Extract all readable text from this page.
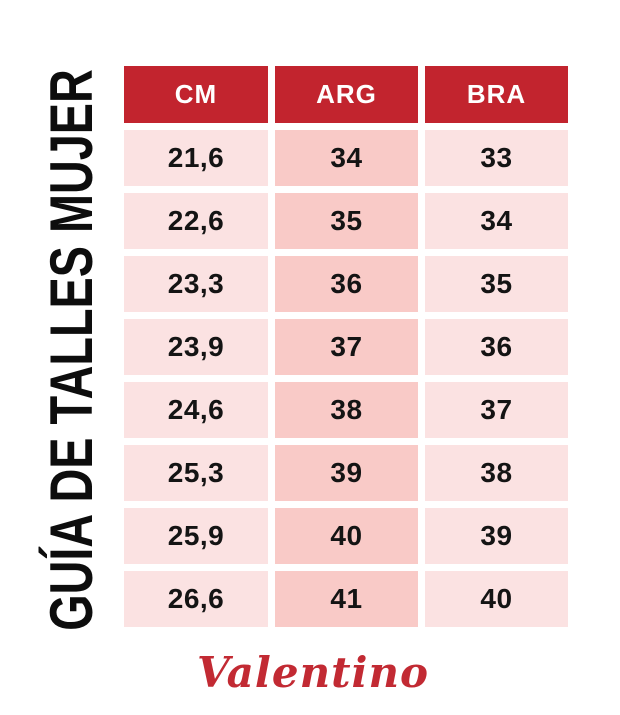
GUÍA DE TALLES MUJER	CM	ARG	BRA
21,6	34	33
22,6	35	34
23,3	36	35
23,9	37	36
24,6	38	37
25,3	39	38
25,9	40	39
26,6	41	40
Valentino
